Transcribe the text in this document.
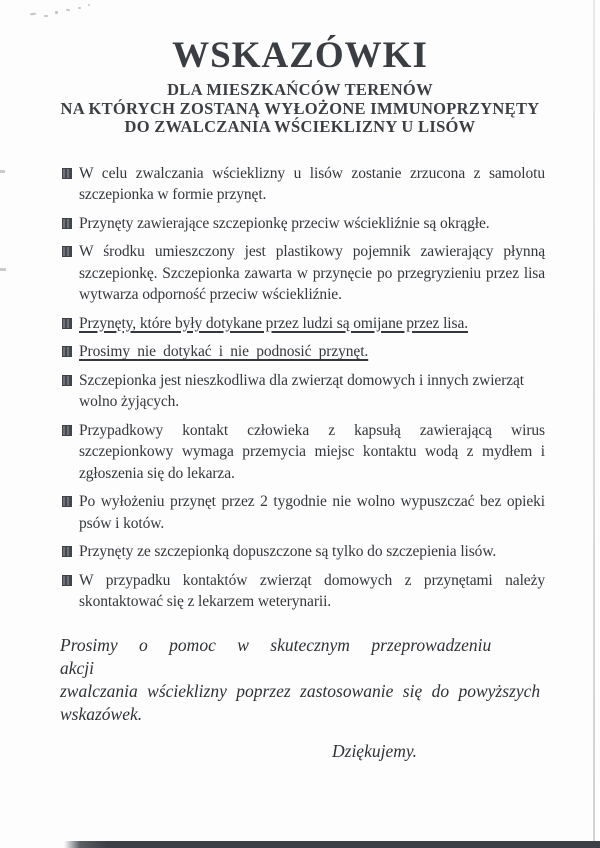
WSKAZÓWKI
DLA MIESZKAŃCÓW TERENÓW
NA KTÓRYCH ZOSTANĄ WYŁOŻONE IMMUNOPRZYNĘTY
DO ZWALCZANIA WŚCIEKLIZNY U LISÓW
W celu zwalczania wścieklizny u lisów zostanie zrzucona z samolotu szczepionka w formie przynęt.
Przynęty zawierające szczepionkę przeciw wściekliźnie są okrągłe.
W środku umieszczony jest plastikowy pojemnik zawierający płynną szczepionkę. Szczepionka zawarta w przynęcie po przegryzieniu przez lisa wytwarza odporność przeciw wściekliźnie.
Przynęty, które były dotykane przez ludzi są omijane przez lisa.
Prosimy nie dotykać i nie podnosić przynęt.
Szczepionka jest nieszkodliwa dla zwierząt domowych i innych zwierząt wolno żyjących.
Przypadkowy kontakt człowieka z kapsułą zawierającą wirus szczepionkowy wymaga przemycia miejsc kontaktu wodą z mydłem i zgłoszenia się do lekarza.
Po wyłożeniu przynęt przez 2 tygodnie nie wolno wypuszczać bez opieki psów i kotów.
Przynęty ze szczepionką dopuszczone są tylko do szczepienia lisów.
W przypadku kontaktów zwierząt domowych z przynętami należy skontaktować się z lekarzem weterynarii.
Prosimy o pomoc w skutecznym przeprowadzeniu akcji
zwalczania wścieklizny poprzez zastosowanie się do powyższych
wskazówek.
Dziękujemy.
